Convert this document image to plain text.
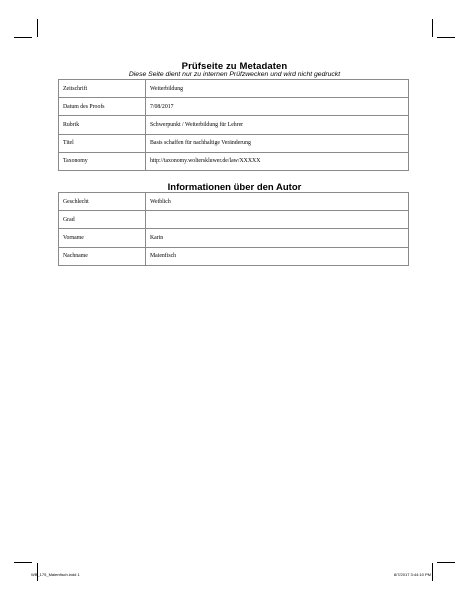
Prüfseite zu Metadaten
Diese Seite dient nur zu internen Prüfzwecken und wird nicht gedruckt
Zeitschrift	Weiterbildung
Datum des Proofs	7/08/2017
Rubrik	Schwerpunkt / Weiterbildung für Lehrer
Titel	Basis schaffen für nachhaltige Veränderung
Taxonomy	http://taxonomy.wolterskluwer.de/law/XXXXX
Informationen über den Autor
Geschlecht	Weiblich
Grad	
Vorname	Karin
Nachname	Maienfisch
WB_175_Maienfisch.indd 1	8/7/2017 3:44:10 PM
